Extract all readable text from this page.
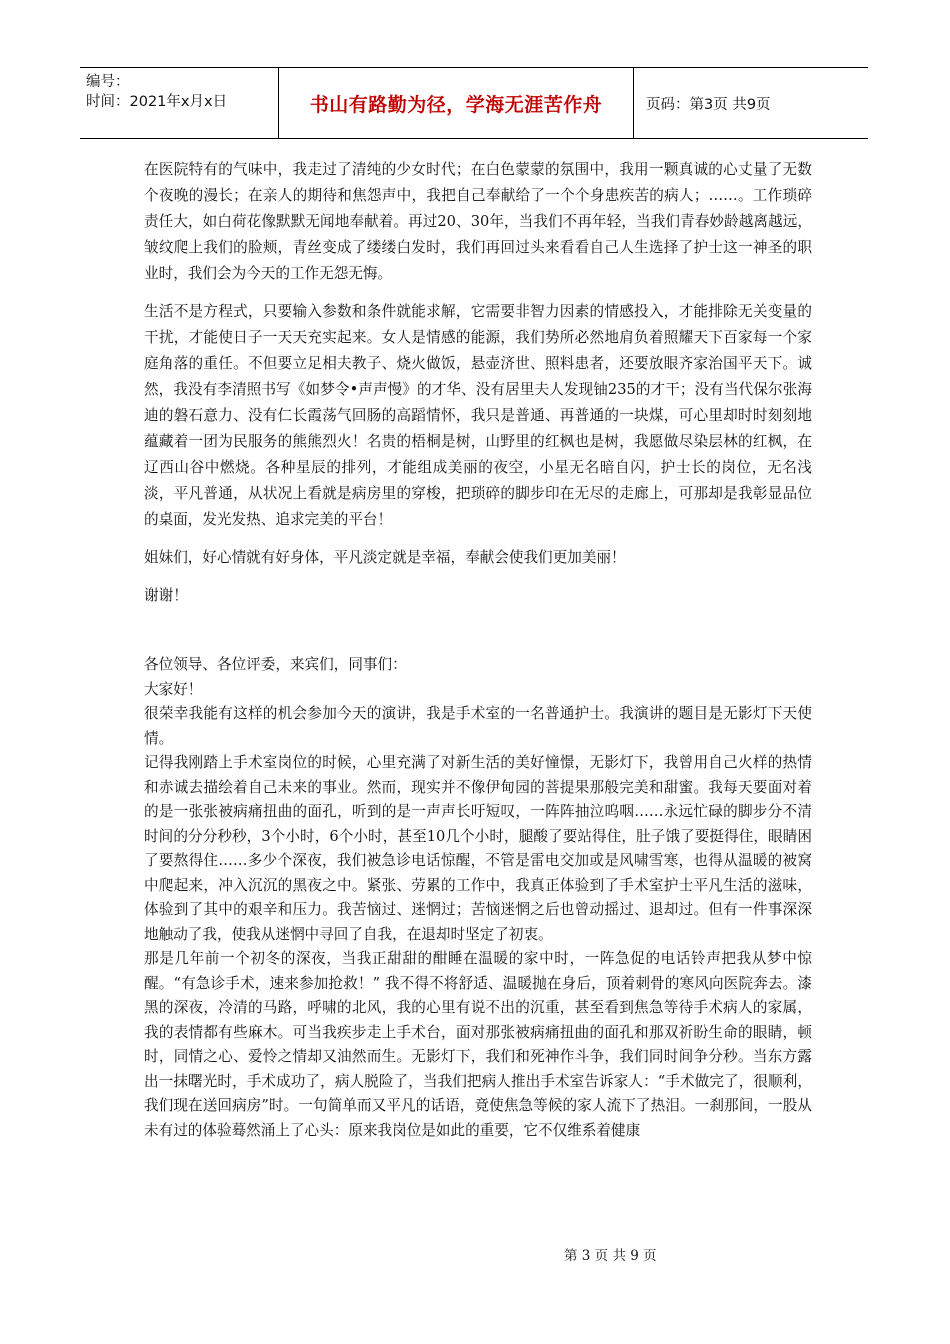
编号：
时间：2021年x月x日	书山有路勤为径，学海无涯苦作舟	页码：第3页 共9页

在医院特有的气味中，我走过了清纯的少女时代；在白色蒙蒙的氛围中，我用一颗真诚的心丈量了无数个夜晚的漫长；在亲人的期待和焦怨声中，我把自己奉献给了一个个身患疾苦的病人；……。工作琐碎责任大，如白荷花像默默无闻地奉献着。再过20、30年，当我们不再年轻，当我们青春妙龄越离越远，皱纹爬上我们的脸颊，青丝变成了缕缕白发时，我们再回过头来看看自己人生选择了护士这一神圣的职业时，我们会为今天的工作无怨无悔。

生活不是方程式，只要输入参数和条件就能求解，它需要非智力因素的情感投入，才能排除无关变量的干扰，才能使日子一天天充实起来。女人是情感的能源，我们势所必然地肩负着照耀天下百家每一个家庭角落的重任。不但要立足相夫教子、烧火做饭，悬壶济世、照料患者，还要放眼齐家治国平天下。诚然，我没有李清照书写《如梦令•声声慢》的才华、没有居里夫人发现铀235的才干；没有当代保尔张海迪的磐石意力、没有仁长霞荡气回肠的高蹈情怀，我只是普通、再普通的一块煤，可心里却时时刻刻地蕴藏着一团为民服务的熊熊烈火！名贵的梧桐是树，山野里的红枫也是树，我愿做尽染层林的红枫，在辽西山谷中燃烧。各种星辰的排列，才能组成美丽的夜空，小星无名暗自闪，护士长的岗位，无名浅淡，平凡普通，从状况上看就是病房里的穿梭，把琐碎的脚步印在无尽的走廊上，可那却是我彰显品位的桌面，发光发热、追求完美的平台！

姐妹们，好心情就有好身体，平凡淡定就是幸福，奉献会使我们更加美丽！

谢谢！

各位领导、各位评委，来宾们，同事们：

大家好！

很荣幸我能有这样的机会参加今天的演讲，我是手术室的一名普通护士。我演讲的题目是无影灯下天使情。

记得我刚踏上手术室岗位的时候，心里充满了对新生活的美好憧憬，无影灯下，我曾用自己火样的热情和赤诚去描绘着自己未来的事业。然而，现实并不像伊甸园的菩提果那般完美和甜蜜。我每天要面对着的是一张张被病痛扭曲的面孔，听到的是一声声长吁短叹，一阵阵抽泣呜咽……永远忙碌的脚步分不清时间的分分秒秒，3个小时，6个小时，甚至10几个小时，腿酸了要站得住，肚子饿了要挺得住，眼睛困了要熬得住……多少个深夜，我们被急诊电话惊醒，不管是雷电交加或是风啸雪寒，也得从温暖的被窝中爬起来，冲入沉沉的黑夜之中。紧张、劳累的工作中，我真正体验到了手术室护士平凡生活的滋味，体验到了其中的艰辛和压力。我苦恼过、迷惘过；苦恼迷惘之后也曾动摇过、退却过。但有一件事深深地触动了我，使我从迷惘中寻回了自我，在退却时坚定了初衷。

那是几年前一个初冬的深夜，当我正甜甜的酣睡在温暖的家中时，一阵急促的电话铃声把我从梦中惊醒。“有急诊手术，速来参加抢救！” 我不得不将舒适、温暖抛在身后，顶着刺骨的寒风向医院奔去。漆黑的深夜，冷清的马路，呼啸的北风，我的心里有说不出的沉重，甚至看到焦急等待手术病人的家属，我的表情都有些麻木。可当我疾步走上手术台，面对那张被病痛扭曲的面孔和那双祈盼生命的眼睛，顿时，同情之心、爱怜之情却又油然而生。无影灯下，我们和死神作斗争，我们同时间争分秒。当东方露出一抹曙光时，手术成功了，病人脱险了，当我们把病人推出手术室告诉家人：“手术做完了，很顺利，我们现在送回病房”时。一句简单而又平凡的话语，竟使焦急等候的家人流下了热泪。一刹那间，一股从未有过的体验蓦然涌上了心头：原来我岗位是如此的重要，它不仅维系着健康

第 3 页 共 9 页
